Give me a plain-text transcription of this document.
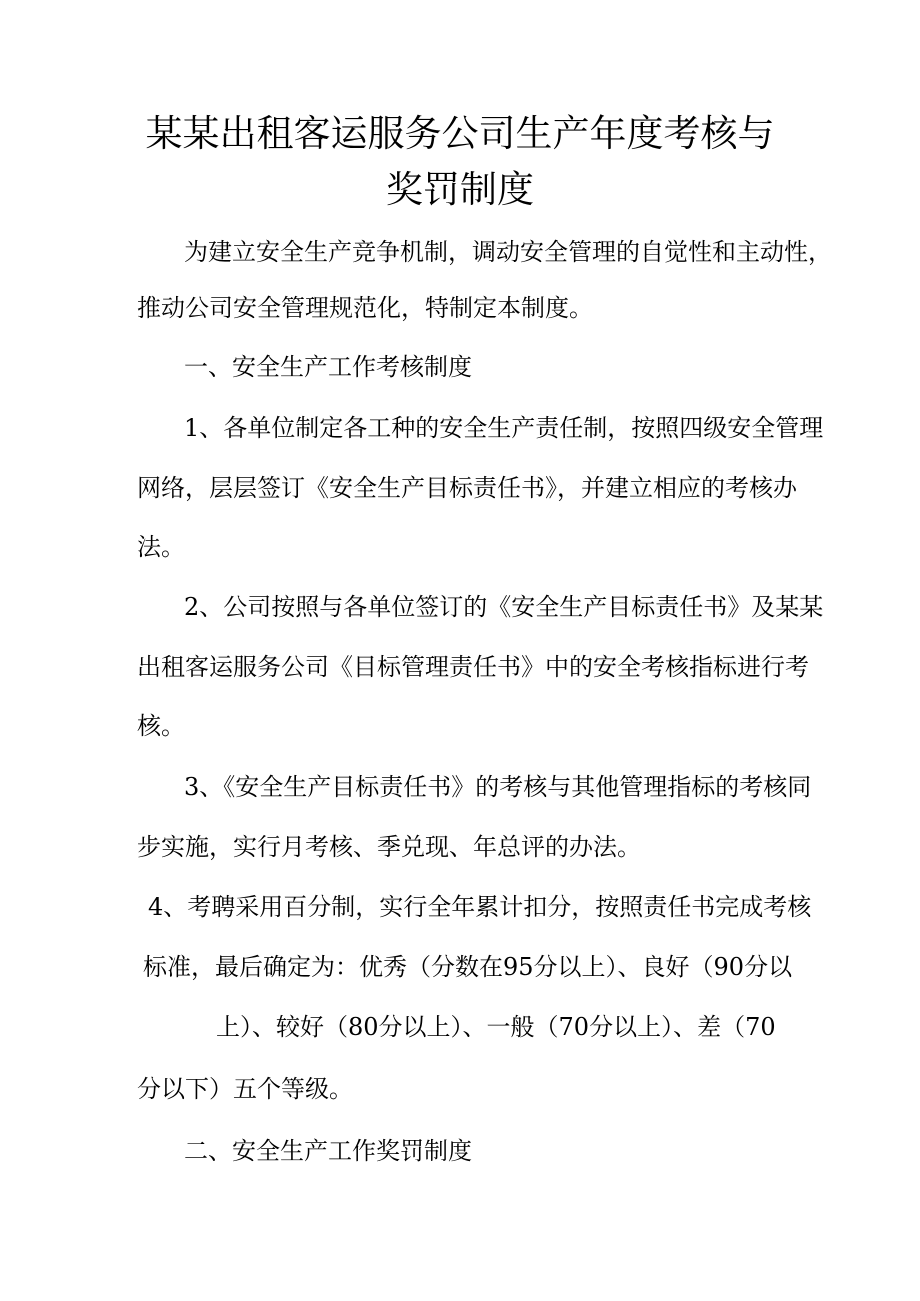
某某出租客运服务公司生产年度考核与
奖罚制度
为建立安全生产竞争机制，调动安全管理的自觉性和主动性，
推动公司安全管理规范化，特制定本制度。
一、安全生产工作考核制度
1、各单位制定各工种的安全生产责任制，按照四级安全管理
网络，层层签订《安全生产目标责任书》，并建立相应的考核办
法。
2、公司按照与各单位签订的《安全生产目标责任书》及某某
出租客运服务公司《目标管理责任书》中的安全考核指标进行考
核。
3、《安全生产目标责任书》的考核与其他管理指标的考核同
步实施，实行月考核、季兑现、年总评的办法。
4、考聘采用百分制，实行全年累计扣分，按照责任书完成考核
标准，最后确定为：优秀（分数在95分以上）、良好（90分以
上）、较好（80分以上）、一般（70分以上）、差（70
分以下）五个等级。
二、安全生产工作奖罚制度
